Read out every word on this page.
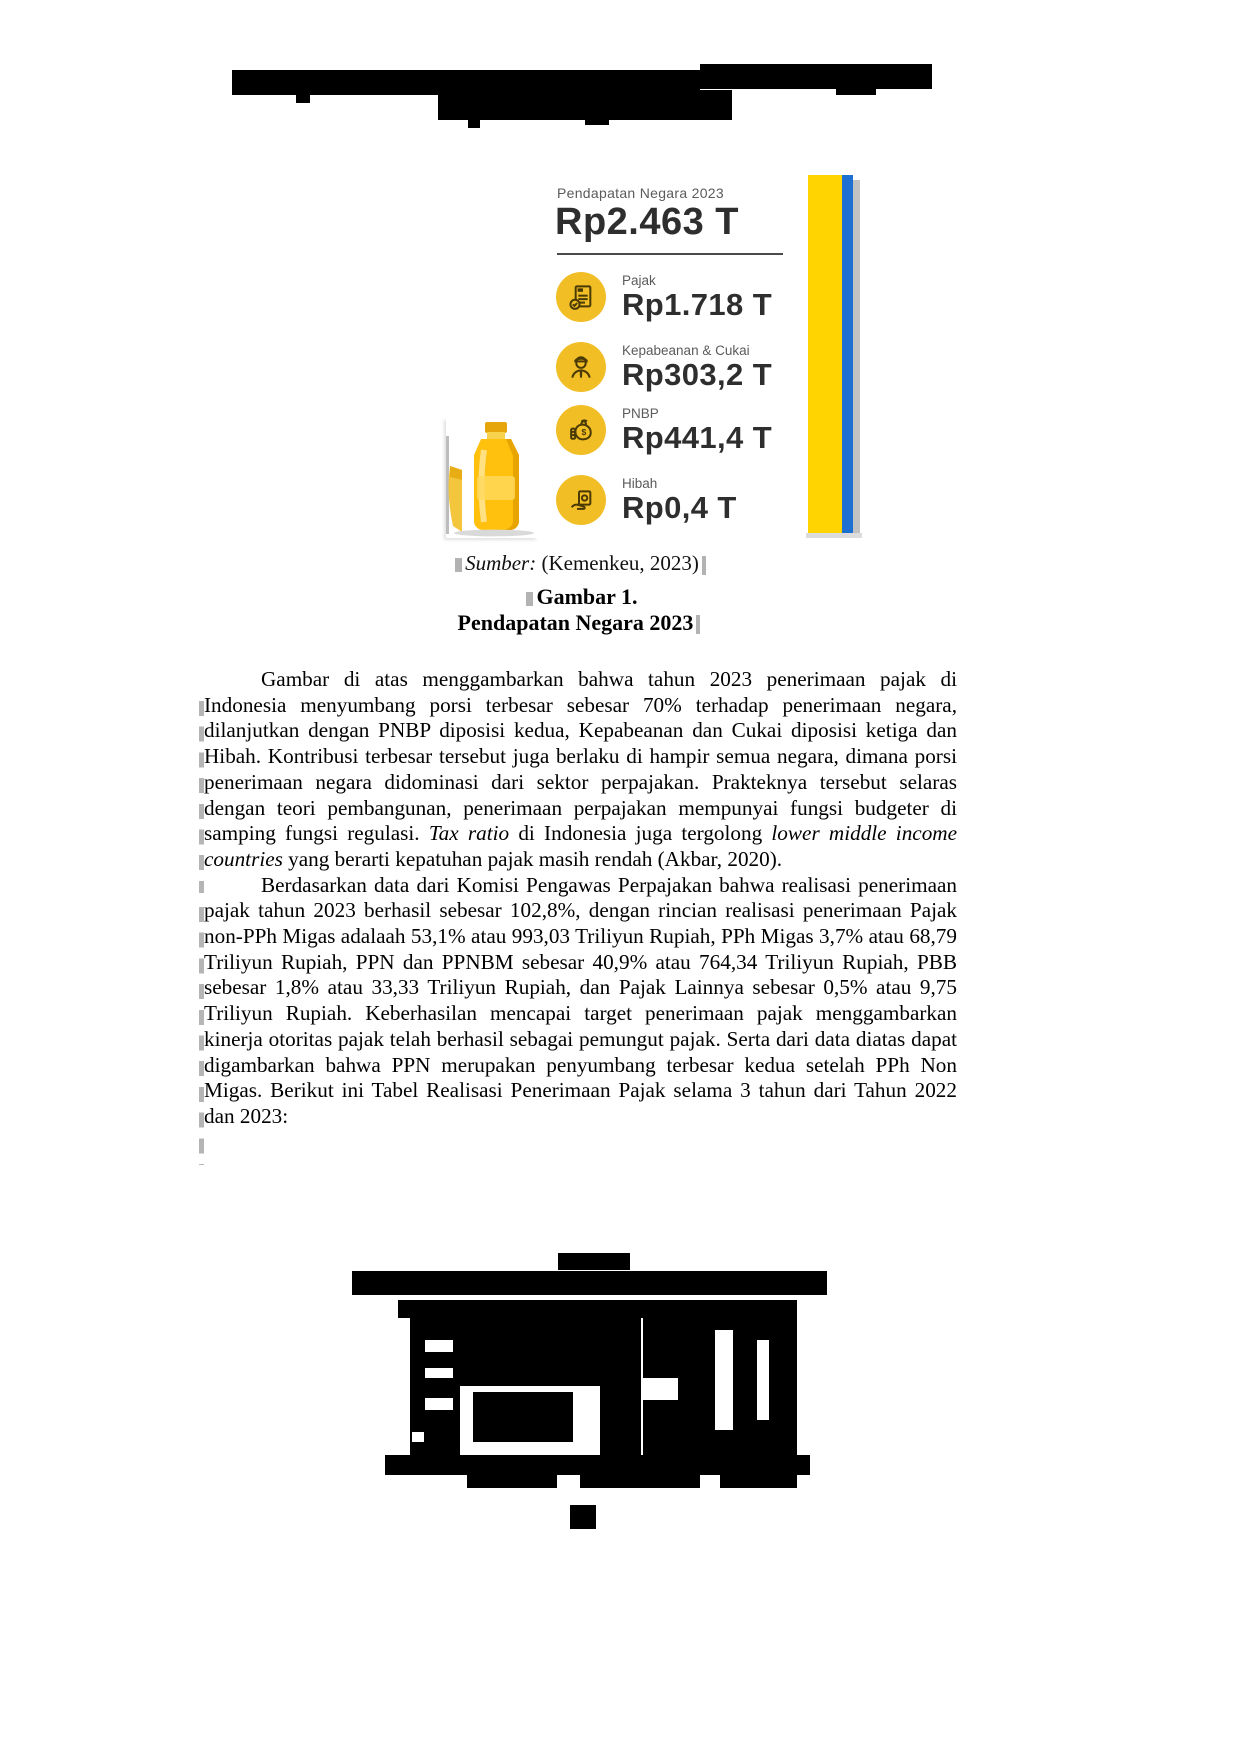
Pendapatan Negara 2023
Rp2.463 T
Pajak
Rp1.718 T
Kepabeanan & Cukai
Rp303,2 T
$
PNBP
Rp441,4 T
Hibah
Rp0,4 T
Sumber: (Kemenkeu, 2023)
Gambar 1.
Pendapatan Negara 2023

Gambar di atas menggambarkan bahwa tahun 2023 penerimaan pajak di Indonesia menyumbang porsi terbesar sebesar 70% terhadap penerimaan negara, dilanjutkan dengan PNBP diposisi kedua, Kepabeanan dan Cukai diposisi ketiga dan Hibah. Kontribusi terbesar tersebut juga berlaku di hampir semua negara, dimana porsi penerimaan negara didominasi dari sektor perpajakan. Prakteknya tersebut selaras dengan teori pembangunan, penerimaan perpajakan mempunyai fungsi budgeter di samping fungsi regulasi. Tax ratio di Indonesia juga tergolong lower middle income countries yang berarti kepatuhan pajak masih rendah (Akbar, 2020).

Berdasarkan data dari Komisi Pengawas Perpajakan bahwa realisasi penerimaan pajak tahun 2023 berhasil sebesar 102,8%, dengan rincian realisasi penerimaan Pajak non-PPh Migas adalaah 53,1% atau 993,03 Triliyun Rupiah, PPh Migas 3,7% atau 68,79 Triliyun Rupiah, PPN dan PPNBM sebesar 40,9% atau 764,34 Triliyun Rupiah, PBB sebesar 1,8% atau 33,33 Triliyun Rupiah, dan Pajak Lainnya sebesar 0,5% atau 9,75 Triliyun Rupiah. Keberhasilan mencapai target penerimaan pajak menggambarkan kinerja otoritas pajak telah berhasil sebagai pemungut pajak. Serta dari data diatas dapat digambarkan bahwa PPN merupakan penyumbang terbesar kedua setelah PPh Non Migas. Berikut ini Tabel Realisasi Penerimaan Pajak selama 3 tahun dari Tahun 2022 dan 2023:
